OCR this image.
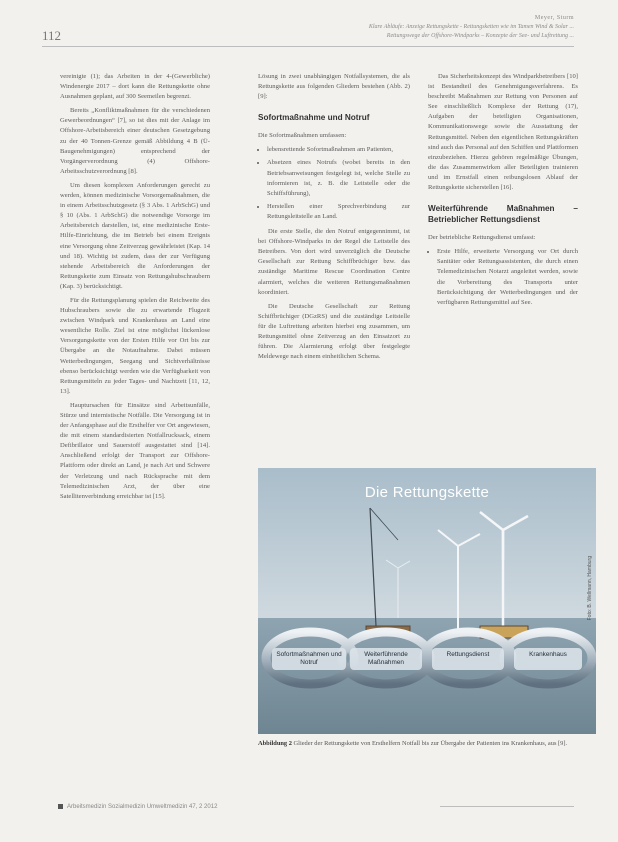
112
Meyer, Sturm
Klare Abläufe: Anzeige Rettungskette - Rettungsketten wie im Tamen Wind & Solar ...
Rettungswege der Offshore-Windparks – Konzepte der See- und Luftrettung ...

vereinigte (1); das Arbeiten in der 4-(Gewerbliche) Windenergie 2017 – dort kann die Rettungskette ohne Ausnahmen geplant, auf 300 Seemeilen begrenzt.

Bereits „Konfliktmaßnahmen für die verschiedenen Gewerbeordnungen“ [7], so ist dies mit der Anlage im Offshore-Arbeitsbereich einer deutschen Gesetzgebung zu der 40 Tonnen-Grenze gemäß Abbildung 4 B (Ü-Baugenehmigungen) entsprechend der Vorgängerverordnung (4) Offshore-Arbeitsschutzverordnung [8].

Um diesen komplexen Anforderungen gerecht zu werden, können medizinische Vorsorgemaßnahmen, die in einem Arbeitsschutzgesetz (§ 3 Abs. 1 ArbSchG) und § 10 (Abs. 1 ArbSchG) die notwendige Vorsorge im Arbeitsbereich darstellen, ist, eine medizinische Erste-Hilfe-Einrichtung, die im Betrieb bei einem Ereignis eine Versorgung ohne Zeitverzug gewährleistet (Kap. 14 und 18). Wichtig ist zudem, dass der zur Verfügung stehende Arbeitsbereich die Anforderungen der Rettungskette zum Einsatz von Rettungshubschraubern (Kap. 3) berücksichtigt.

Für die Rettungsplanung spielen die Reichweite des Hubschraubers sowie die zu erwartende Flugzeit zwischen Windpark und Krankenhaus an Land eine wesentliche Rolle. Ziel ist eine möglichst lückenlose Versorgungskette von der Ersten Hilfe vor Ort bis zur Übergabe an die Notaufnahme. Dabei müssen Wetterbedingungen, Seegang und Sichtverhältnisse ebenso berücksichtigt werden wie die Verfügbarkeit von Rettungsmitteln zu jeder Tages- und Nachtzeit [11, 12, 13].

Hauptursachen für Einsätze sind Arbeitsunfälle, Stürze und internistische Notfälle. Die Versorgung ist in der Anfangsphase auf die Ersthelfer vor Ort angewiesen, die mit einem standardisierten Notfallrucksack, einem Defibrillator und Sauerstoff ausgestattet sind [14]. Anschließend erfolgt der Transport zur Offshore-Plattform oder direkt an Land, je nach Art und Schwere der Verletzung und nach Rücksprache mit dem Telemedizinischen Arzt, der über eine Satellitenverbindung erreichbar ist [15].

Lösung in zwei unabhängigen Notfallsystemen, die als Rettungskette aus folgenden Gliedern bestehen (Abb. 2) [9]:

Sofortmaßnahme und Notruf

Die Sofortmaßnahmen umfassen:

• lebensrettende Sofortmaßnahmen am Patienten,
• Absetzen eines Notrufs (wobei bereits in den Betriebsanweisungen festgelegt ist, welche Stelle zu informieren ist, z. B. die Leitstelle oder die Schiffsführung),
• Herstellen einer Sprechverbindung zur Rettungsleitstelle an Land.

Die erste Stelle, die den Notruf entgegennimmt, ist bei Offshore-Windparks in der Regel die Leitstelle des Betreibers. Von dort wird unverzüglich die Deutsche Gesellschaft zur Rettung Schiffbrüchiger bzw. das zuständige Maritime Rescue Coordination Centre alarmiert, welches die weiteren Rettungsmaßnahmen koordiniert.

Die Deutsche Gesellschaft zur Rettung Schiffbrüchiger (DGzRS) und die zuständige Leitstelle für die Luftrettung arbeiten hierbei eng zusammen, um Rettungsmittel ohne Zeitverzug an den Einsatzort zu führen. Die Alarmierung erfolgt über festgelegte Meldewege nach einem einheitlichen Schema.

Das Sicherheitskonzept des Windparkbetreibers [10] ist Bestandteil des Genehmigungsverfahrens. Es beschreibt Maßnahmen zur Rettung von Personen auf See einschließlich Komplexe der Rettung (17), Aufgaben der beteiligten Organisationen, Kommunikationswege sowie die Ausstattung der Rettungsmittel. Neben den eigentlichen Rettungskräften sind auch das Personal auf den Schiffen und Plattformen einzubeziehen. Hierzu gehören regelmäßige Übungen, die das Zusammenwirken aller Beteiligten trainieren und im Ernstfall einen reibungslosen Ablauf der Rettungskette sicherstellen [16].

Weiterführende Maßnahmen – Betrieblicher Rettungsdienst

Der betriebliche Rettungsdienst umfasst:

• Erste Hilfe, erweiterte Versorgung vor Ort durch Sanitäter oder Rettungsassistenten, die durch einen Telemedizinischen Notarzt angeleitet werden, sowie die Vorbereitung des Transports unter Berücksichtigung der Wetterbedingungen und der verfügbaren Rettungsmittel auf See.
Die Rettungskette
Sofortmaßnahmen und Notruf
Weiterführende Maßnahmen
Rettungsdienst	Krankenhaus
Foto: B. Wellmann, Hamburg
Abbildung 2 Glieder der Rettungskette von Ersthelfern Notfall bis zur Übergabe der Patienten ins Krankenhaus, aus [9].
Arbeitsmedizin Sozialmedizin Umweltmedizin 47, 2 2012
